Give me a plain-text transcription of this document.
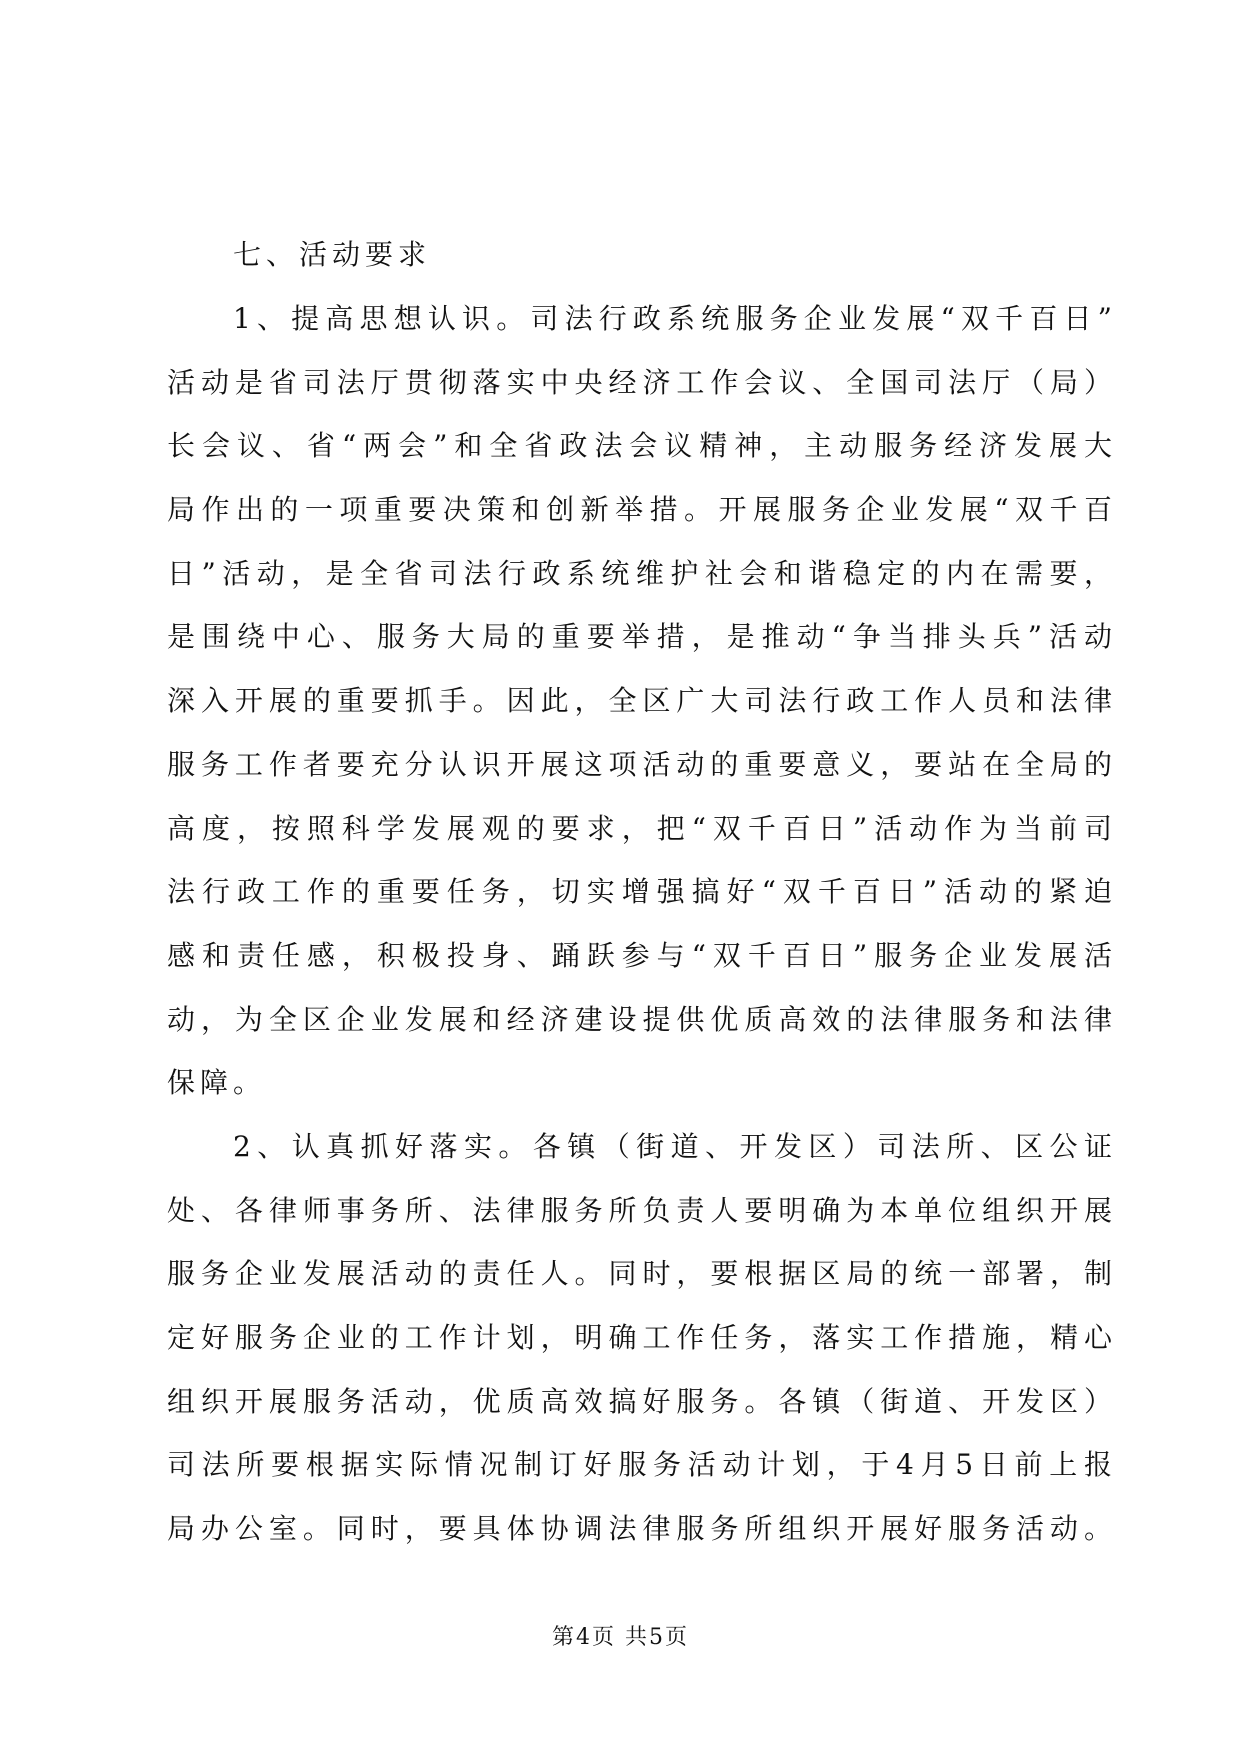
七、活动要求
1、提高思想认识。司法行政系统服务企业发展“双千百日”
活动是省司法厅贯彻落实中央经济工作会议、全国司法厅（局）
长会议、省“两会”和全省政法会议精神，主动服务经济发展大
局作出的一项重要决策和创新举措。开展服务企业发展“双千百
日”活动，是全省司法行政系统维护社会和谐稳定的内在需要，
是围绕中心、服务大局的重要举措，是推动“争当排头兵”活动
深入开展的重要抓手。因此，全区广大司法行政工作人员和法律
服务工作者要充分认识开展这项活动的重要意义，要站在全局的
高度，按照科学发展观的要求，把“双千百日”活动作为当前司
法行政工作的重要任务，切实增强搞好“双千百日”活动的紧迫
感和责任感，积极投身、踊跃参与“双千百日”服务企业发展活
动，为全区企业发展和经济建设提供优质高效的法律服务和法律
保障。
2、认真抓好落实。各镇（街道、开发区）司法所、区公证
处、各律师事务所、法律服务所负责人要明确为本单位组织开展
服务企业发展活动的责任人。同时，要根据区局的统一部署，制
定好服务企业的工作计划，明确工作任务，落实工作措施，精心
组织开展服务活动，优质高效搞好服务。各镇（街道、开发区）
司法所要根据实际情况制订好服务活动计划，于4月5日前上报
局办公室。同时，要具体协调法律服务所组织开展好服务活动。
第4页 共5页
